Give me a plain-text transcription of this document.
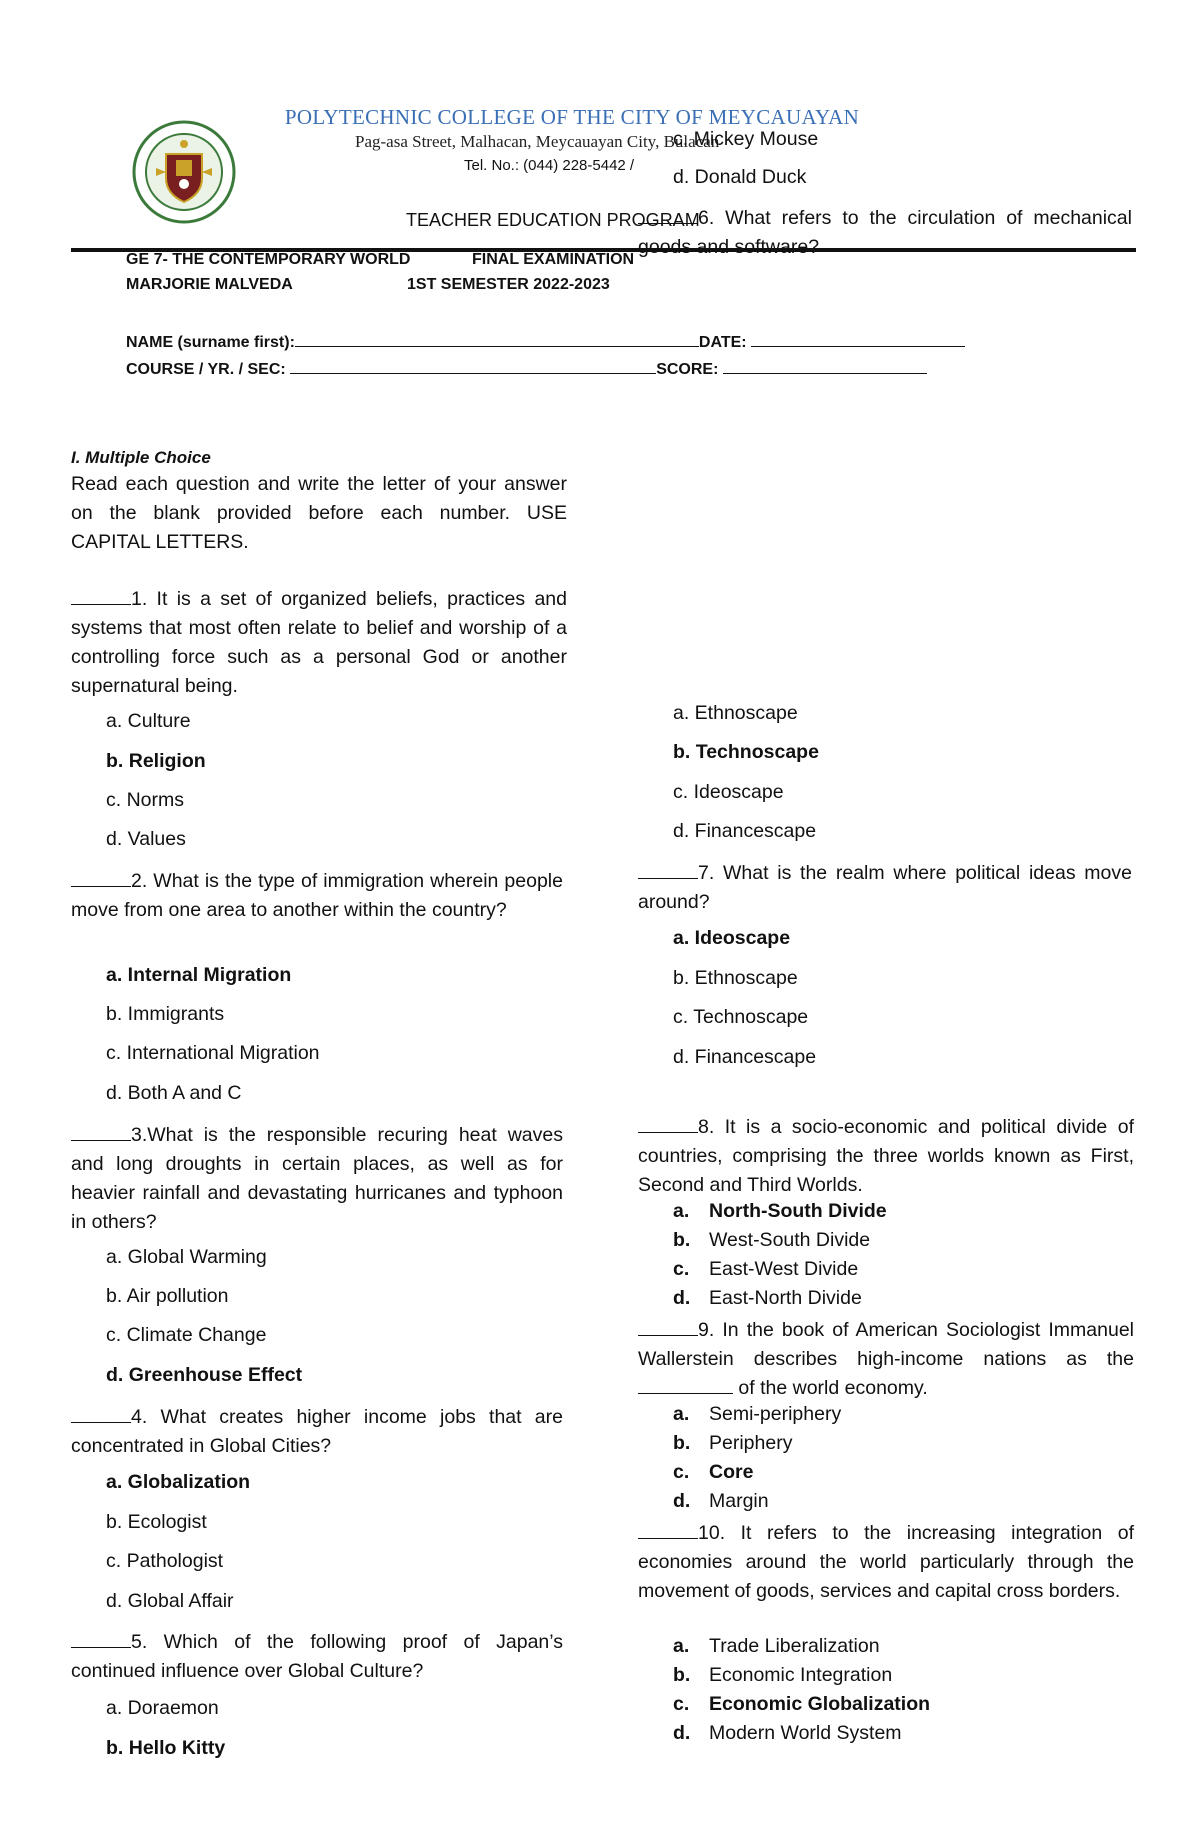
POLYTECHNIC COLLEGE OF THE CITY OF MEYCAUAYAN
Pag-asa Street, Malhacan, Meycauayan City, Bulacan
Tel. No.: (044) 228-5442 /
TEACHER EDUCATION PROGRAM
GE 7- THE CONTEMPORARY WORLD	FINAL EXAMINATION
MARJORIE MALVEDA	1ST SEMESTER 2022-2023
NAME (surname first):	DATE:
COURSE / YR. / SEC:	SCORE:
I. Multiple Choice
Read each question and write the letter of your answer on the blank provided before each number. USE CAPITAL LETTERS.
1. It is a set of organized beliefs, practices and systems that most often relate to belief and worship of a controlling force such as a personal God or another supernatural being.
a. Culture
b. Religion
c. Norms
d. Values
2. What is the type of immigration wherein people move from one area to another within the country?
a. Internal Migration
b. Immigrants
c. International Migration
d. Both A and C
3.What is the responsible recuring heat waves and long droughts in certain places, as well as for heavier rainfall and devastating hurricanes and typhoon in others?
a. Global Warming
b. Air pollution
c. Climate Change
d. Greenhouse Effect
4. What creates higher income jobs that are concentrated in Global Cities?
a. Globalization
b. Ecologist
c. Pathologist
d. Global Affair
5. Which of the following proof of Japan’s continued influence over Global Culture?
a. Doraemon
b. Hello Kitty
c. Mickey Mouse
d. Donald Duck
6. What refers to the circulation of mechanical goods and software?
a. Ethnoscape
b. Technoscape
c. Ideoscape
d. Financescape
7. What is the realm where political ideas move around?
a. Ideoscape
b. Ethnoscape
c. Technoscape
d. Financescape
8. It is a socio-economic and political divide of countries, comprising the three worlds known as First, Second and Third Worlds.
a. North-South Divide
b. West-South Divide
c. East-West Divide
d. East-North Divide
9. In the book of American Sociologist Immanuel Wallerstein describes high-income nations as the  of the world economy.
a. Semi-periphery
b. Periphery
c. Core
d. Margin
10. It refers to the increasing integration of economies around the world particularly through the movement of goods, services and capital cross borders.
a. Trade Liberalization
b. Economic Integration
c. Economic Globalization
d. Modern World System
